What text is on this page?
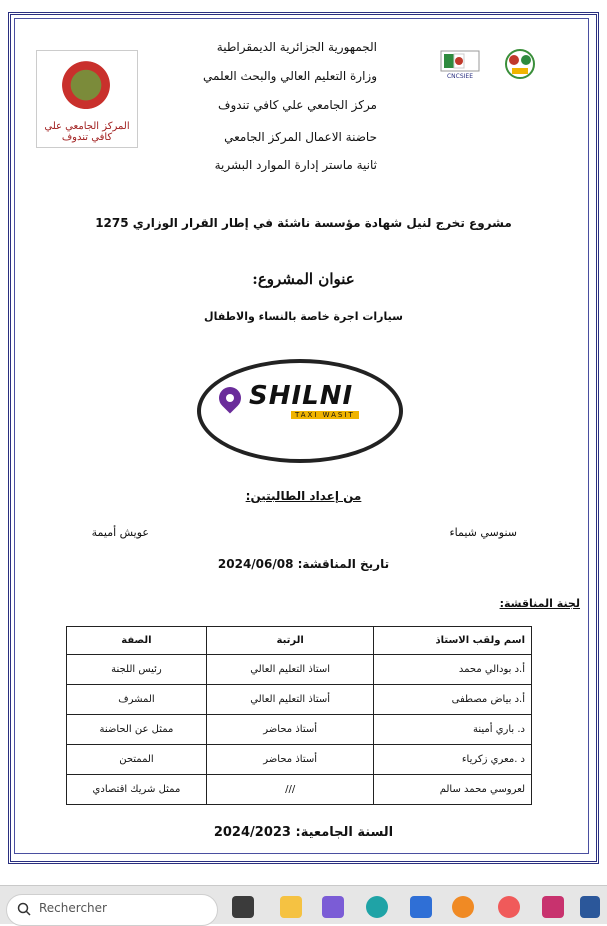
المركز الجامعي علي كافي تندوف
CNCSIEE
الجمهورية الجزائرية الديمقراطية
وزارة التعليم العالي والبحث العلمي
مركز الجامعي علي كافي تندوف
حاضنة الاعمال المركز الجامعي
ثانية ماستر إدارة الموارد البشرية
مشروع تخرج لنيل شهادة مؤسسة ناشئة في إطار القرار الوزاري 1275
عنوان المشروع:
سيارات اجرة خاصة بالنساء والاطفال
SHILNI
TAXI WASIT
من إعداد الطالبتين:
سنوسي شيماء
عويش أميمة
تاريخ المناقشة: 2024/06/08
لجنة المناقشة:
اسم ولقب الاستاذ	الرتبة	الصفة
أ.د بودالي محمد	استاذ التعليم العالي	رئيس اللجنة
أ.د بياض مصطفى	أستاذ التعليم العالي	المشرف
د. باري أمينة	أستاذ محاضر	ممثل عن الحاضنة
د .معري زكرياء	أستاذ محاضر	الممتحن
لعروسي محمد سالم	///	ممثل شريك اقتصادي
السنة الجامعية: 2024/2023
Rechercher
